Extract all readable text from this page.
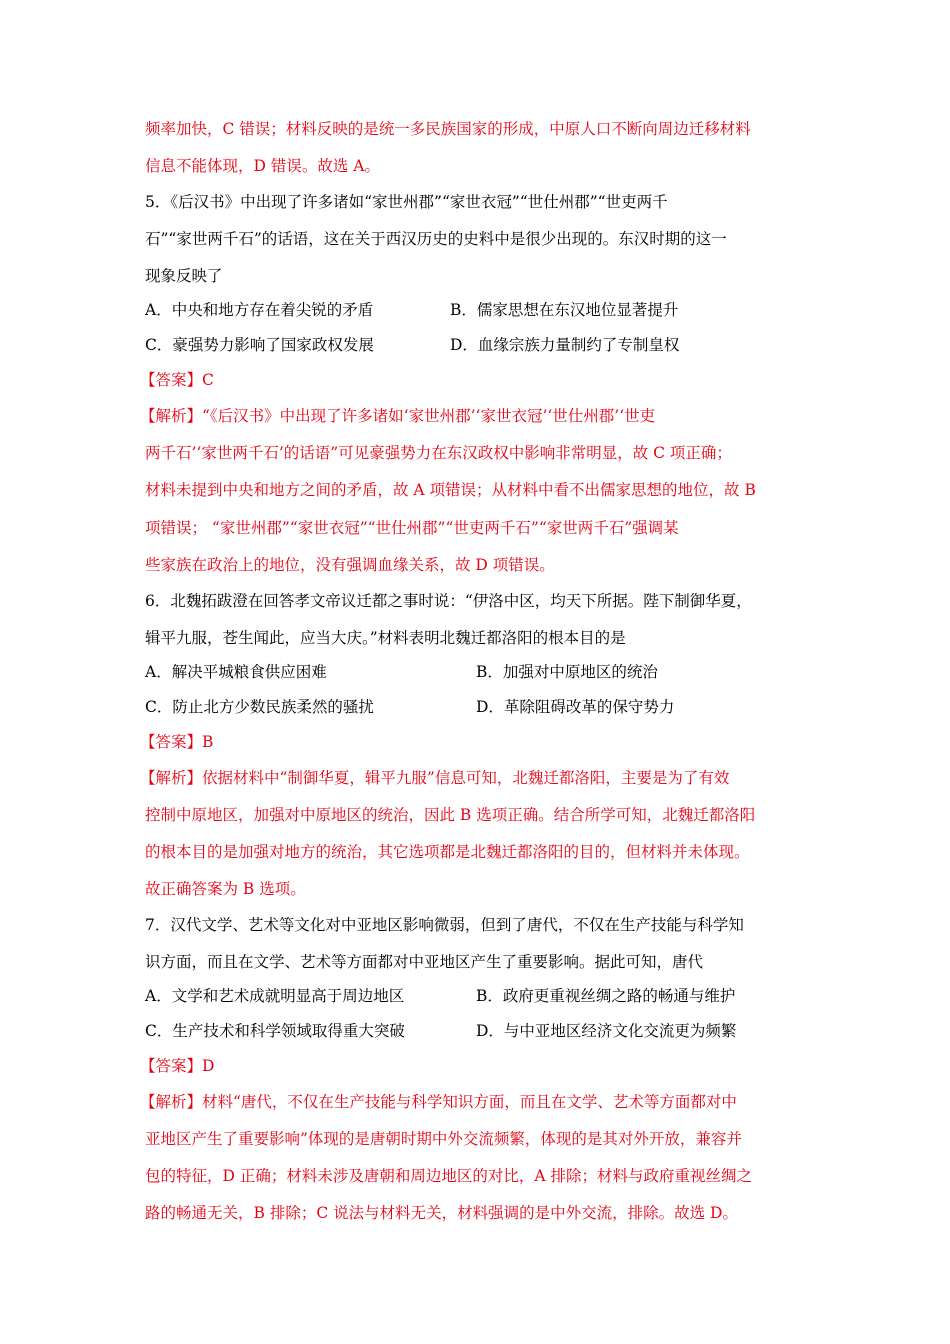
频率加快，C 错误；材料反映的是统一多民族国家的形成，中原人口不断向周边迁移材料
信息不能体现，D 错误。故选 A。
5．《后汉书》中出现了许多诸如“家世州郡”“家世衣冠”“世仕州郡”“世吏两千
石”“家世两千石”的话语，这在关于西汉历史的史料中是很少出现的。东汉时期的这一
现象反映了
A．中央和地方存在着尖锐的矛盾	B．儒家思想在东汉地位显著提升
C．豪强势力影响了国家政权发展	D．血缘宗族力量制约了专制皇权
【答案】C
【解析】“《后汉书》中出现了许多诸如‘家世州郡’‘家世衣冠’‘世仕州郡’‘世吏
两千石’‘家世两千石’的话语”可见豪强势力在东汉政权中影响非常明显，故 C 项正确；
材料未提到中央和地方之间的矛盾，故 A 项错误；从材料中看不出儒家思想的地位，故 B
项错误； “家世州郡”“家世衣冠”“世仕州郡”“世吏两千石”“家世两千石”强调某
些家族在政治上的地位，没有强调血缘关系，故 D 项错误。
6．北魏拓跋澄在回答孝文帝议迁都之事时说：“伊洛中区，均天下所据。陛下制御华夏，
辑平九服，苍生闻此，应当大庆。”材料表明北魏迁都洛阳的根本目的是
A．解决平城粮食供应困难	B．加强对中原地区的统治
C．防止北方少数民族柔然的骚扰	D．革除阻碍改革的保守势力
【答案】B
【解析】依据材料中“制御华夏，辑平九服”信息可知，北魏迁都洛阳，主要是为了有效
控制中原地区，加强对中原地区的统治，因此 B 选项正确。结合所学可知，北魏迁都洛阳
的根本目的是加强对地方的统治，其它选项都是北魏迁都洛阳的目的，但材料并未体现。
故正确答案为 B 选项。
7．汉代文学、艺术等文化对中亚地区影响微弱，但到了唐代，不仅在生产技能与科学知
识方面，而且在文学、艺术等方面都对中亚地区产生了重要影响。据此可知，唐代
A．文学和艺术成就明显高于周边地区	B．政府更重视丝绸之路的畅通与维护
C．生产技术和科学领域取得重大突破	D．与中亚地区经济文化交流更为频繁
【答案】D
【解析】材料“唐代，不仅在生产技能与科学知识方面，而且在文学、艺术等方面都对中
亚地区产生了重要影响”体现的是唐朝时期中外交流频繁，体现的是其对外开放，兼容并
包的特征，D 正确；材料未涉及唐朝和周边地区的对比，A 排除；材料与政府重视丝绸之
路的畅通无关，B 排除；C 说法与材料无关，材料强调的是中外交流，排除。故选 D。
